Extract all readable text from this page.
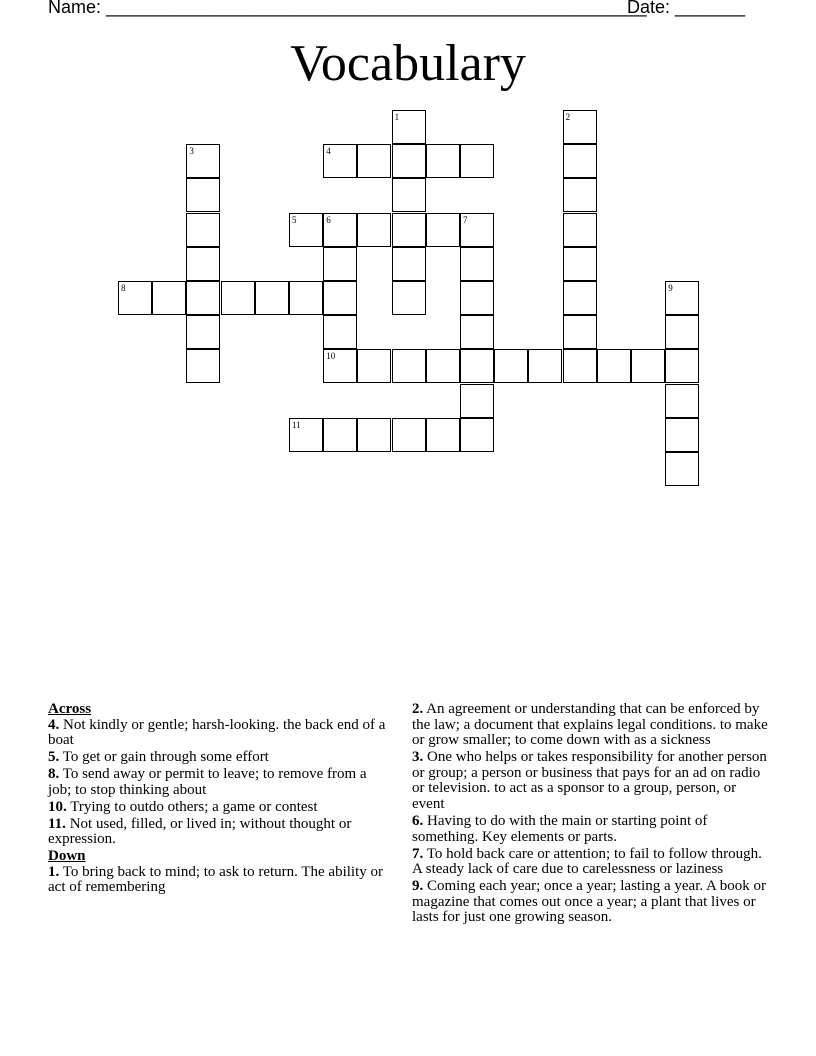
Name: ______________________________________________________
Date: _______
Vocabulary
1	2
3	4
5	6	7
10
8	9
11

Across

4. Not kindly or gentle; harsh-looking. the back end of a boat

5. To get or gain through some effort

8. To send away or permit to leave; to remove from a job; to stop thinking about

10. Trying to outdo others; a game or contest

11. Not used, filled, or lived in; without thought or expression.

Down

1. To bring back to mind; to ask to return. The ability or act of remembering

2. An agreement or understanding that can be enforced by the law; a document that explains legal conditions. to make or grow smaller; to come down with as a sickness

3. One who helps or takes responsibility for another person or group; a person or business that pays for an ad on radio or television. to act as a sponsor to a group, person, or event

6. Having to do with the main or starting point of something. Key elements or parts.

7. To hold back care or attention; to fail to follow through. A steady lack of care due to carelessness or laziness

9. Coming each year; once a year; lasting a year. A book or magazine that comes out once a year; a plant that lives or lasts for just one growing season.
